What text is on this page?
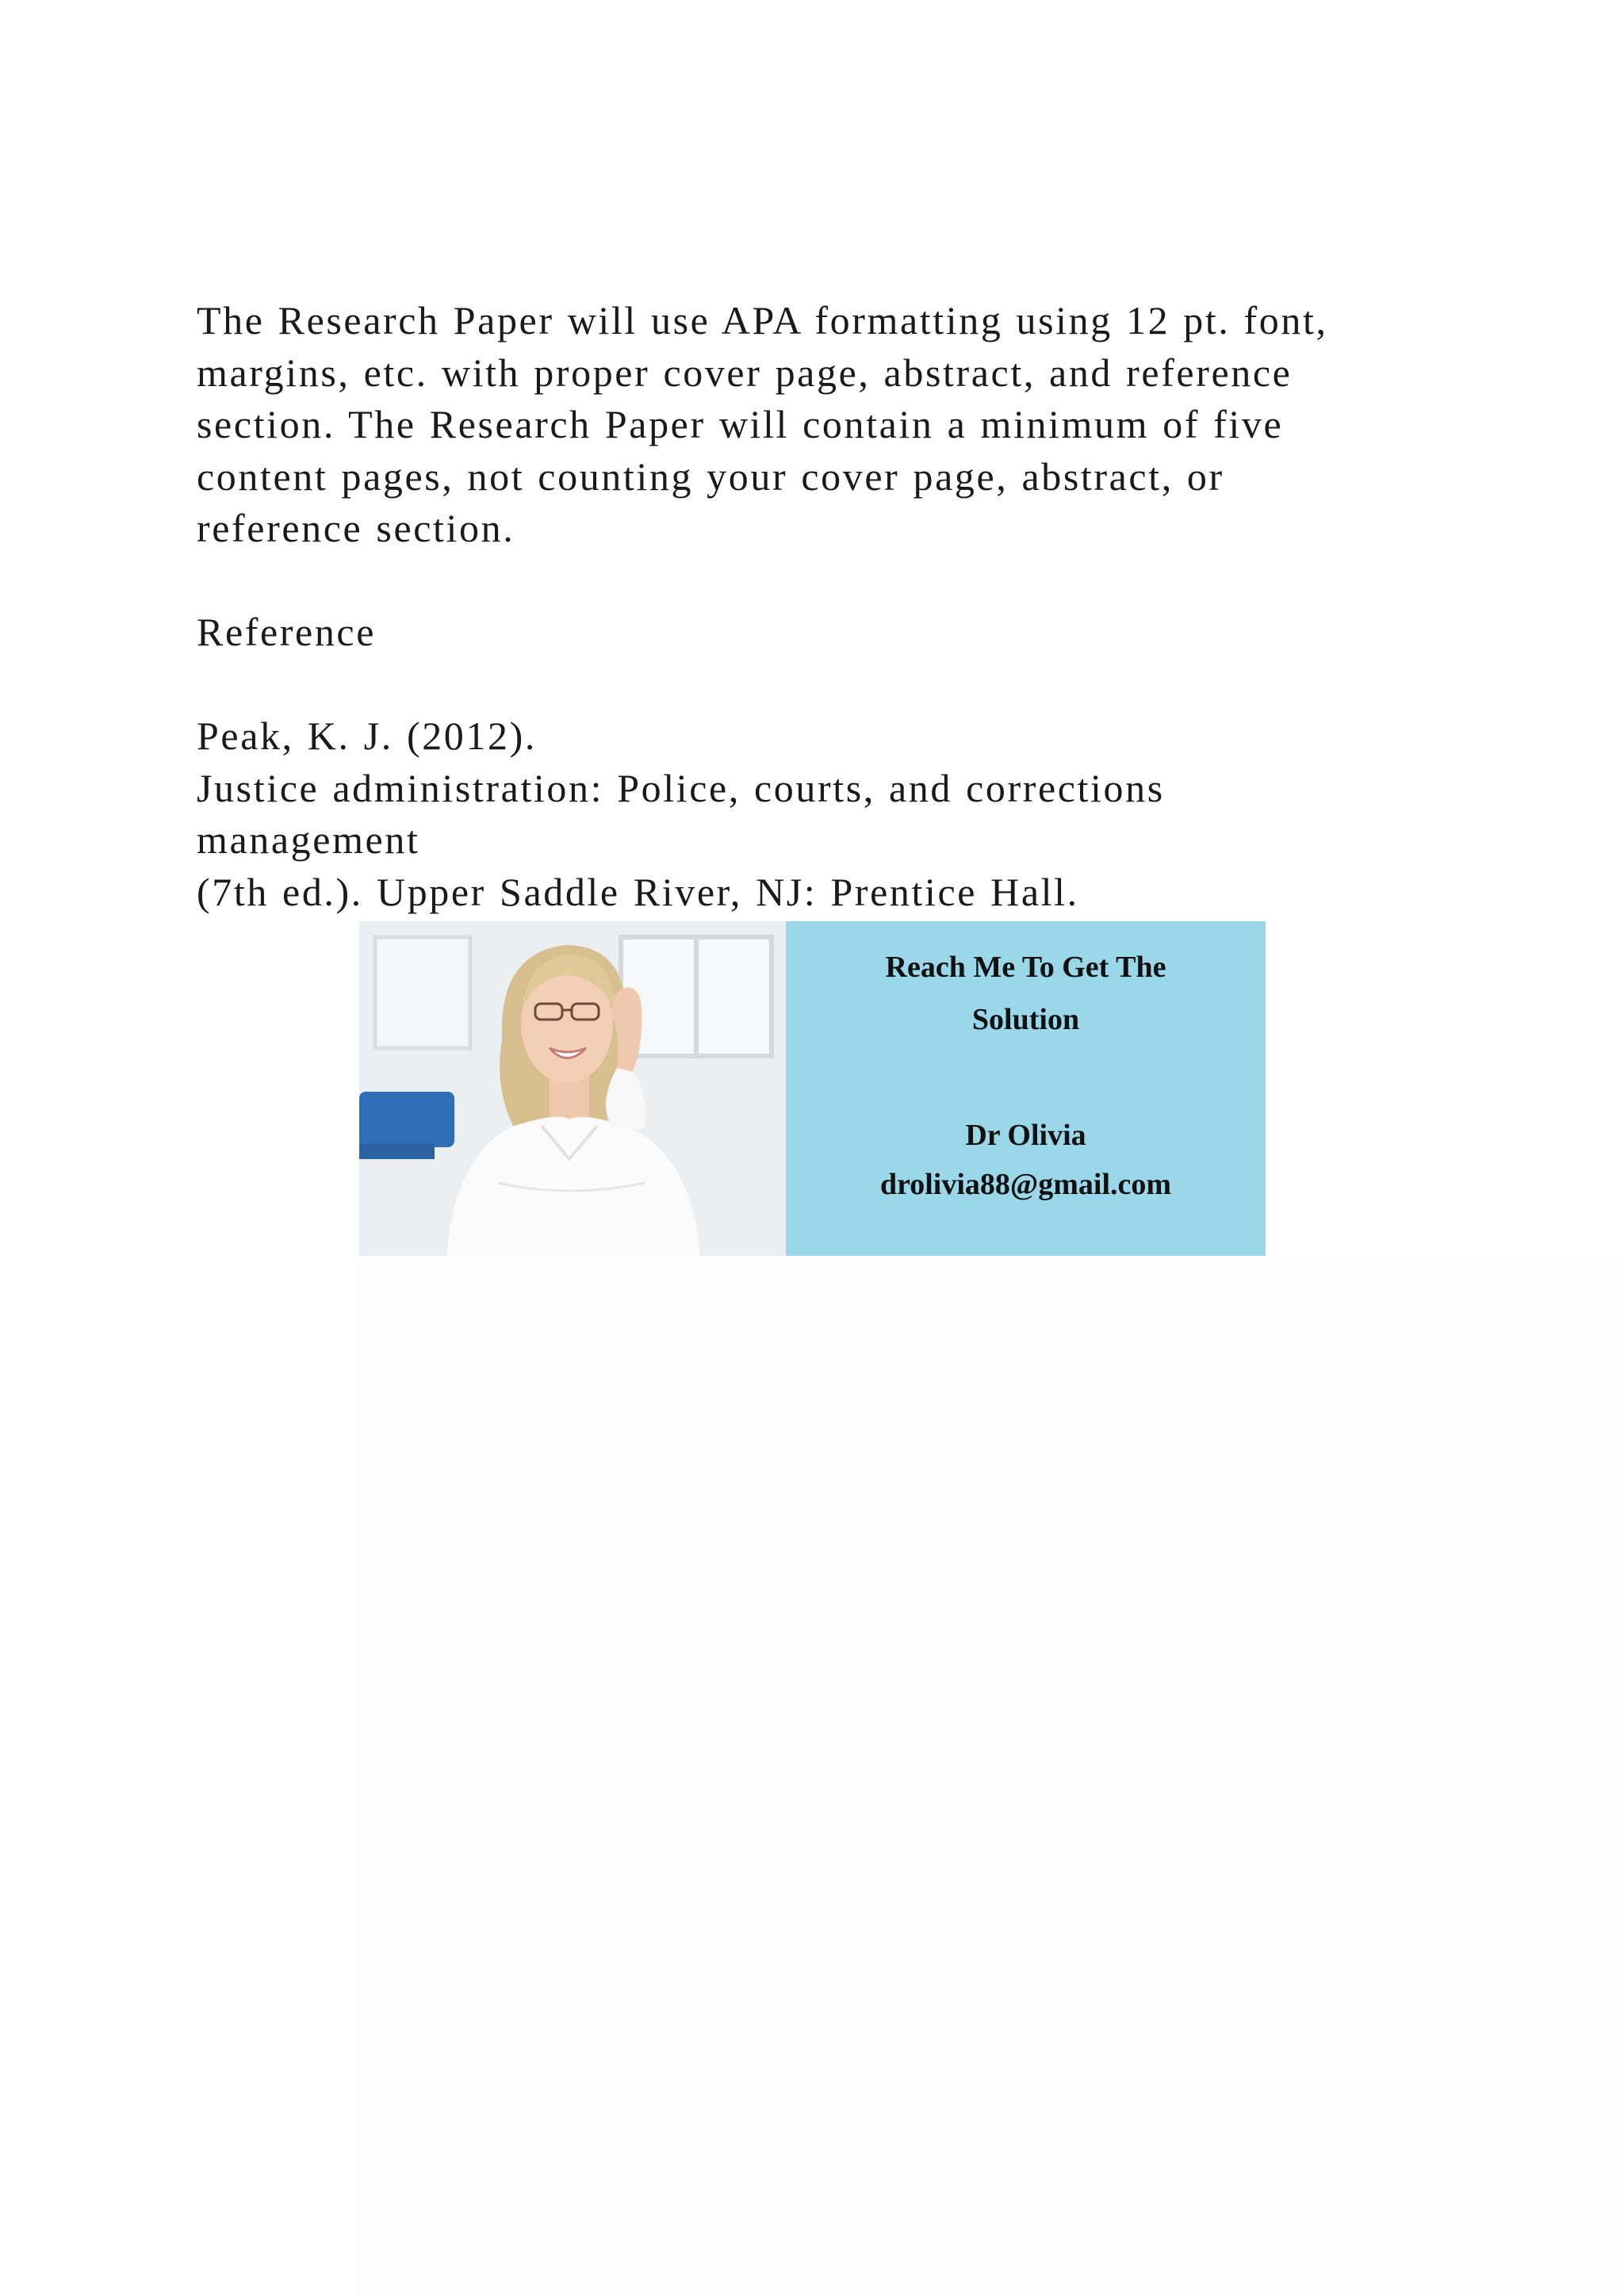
The Research Paper will use APA formatting using 12 pt. font,

margins, etc. with proper cover page, abstract, and reference

section. The Research Paper will contain a minimum of five

content pages, not counting your cover page, abstract, or

reference section.

Reference

Peak, K. J. (2012).

Justice administration: Police, courts, and corrections

management

(7th ed.). Upper Saddle River, NJ: Prentice Hall.

Reach Me To Get The
Solution
Dr Olivia
drolivia88@gmail.com
